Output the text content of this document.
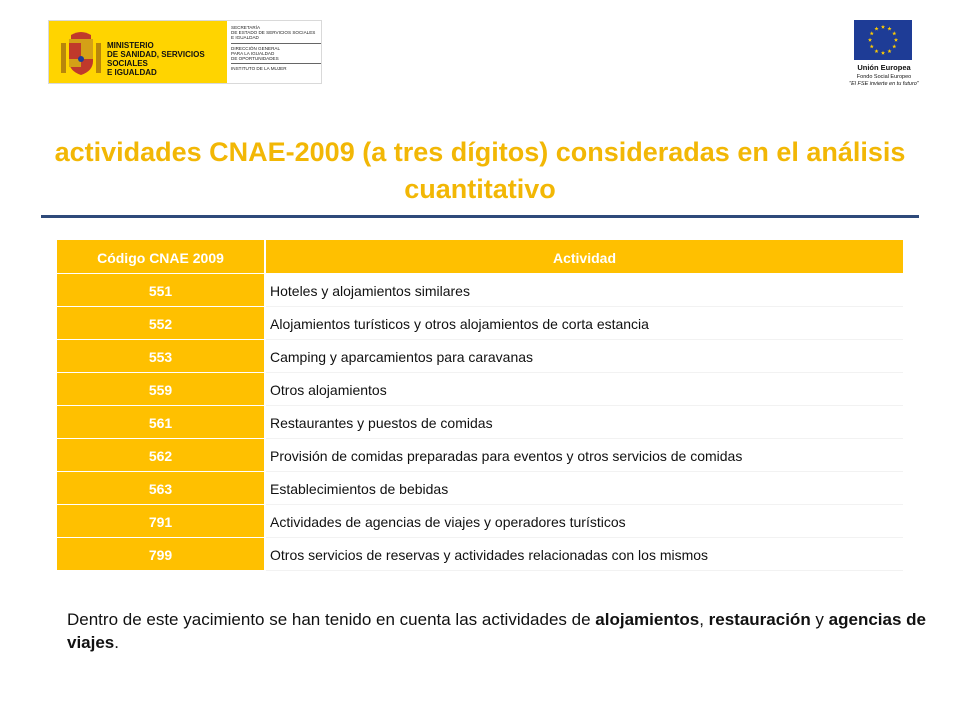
MINISTERIO
DE SANIDAD, SERVICIOS SOCIALES
E IGUALDAD
SECRETARÍA
DE ESTADO DE SERVICIOS SOCIALES
E IGUALDAD
DIRECCIÓN GENERAL
PARA LA IGUALDAD
DE OPORTUNIDADES
INSTITUTO DE LA MUJER	Unión Europea
Fondo Social Europeo
"El FSE invierte en tu futuro"
actividades CNAE-2009 (a tres dígitos) consideradas en el análisis cuantitativo
Código CNAE 2009	Actividad
551	Hoteles y alojamientos similares
552	Alojamientos turísticos y otros alojamientos de corta estancia
553	Camping y aparcamientos para caravanas
559	Otros alojamientos
561	Restaurantes y puestos de comidas
562	Provisión de comidas preparadas para eventos y otros servicios de comidas
563	Establecimientos de bebidas
791	Actividades de agencias de viajes y operadores turísticos
799	Otros servicios de reservas y actividades relacionadas con los mismos

Dentro de este yacimiento se han tenido en cuenta las actividades de alojamientos, restauración y agencias de viajes.
